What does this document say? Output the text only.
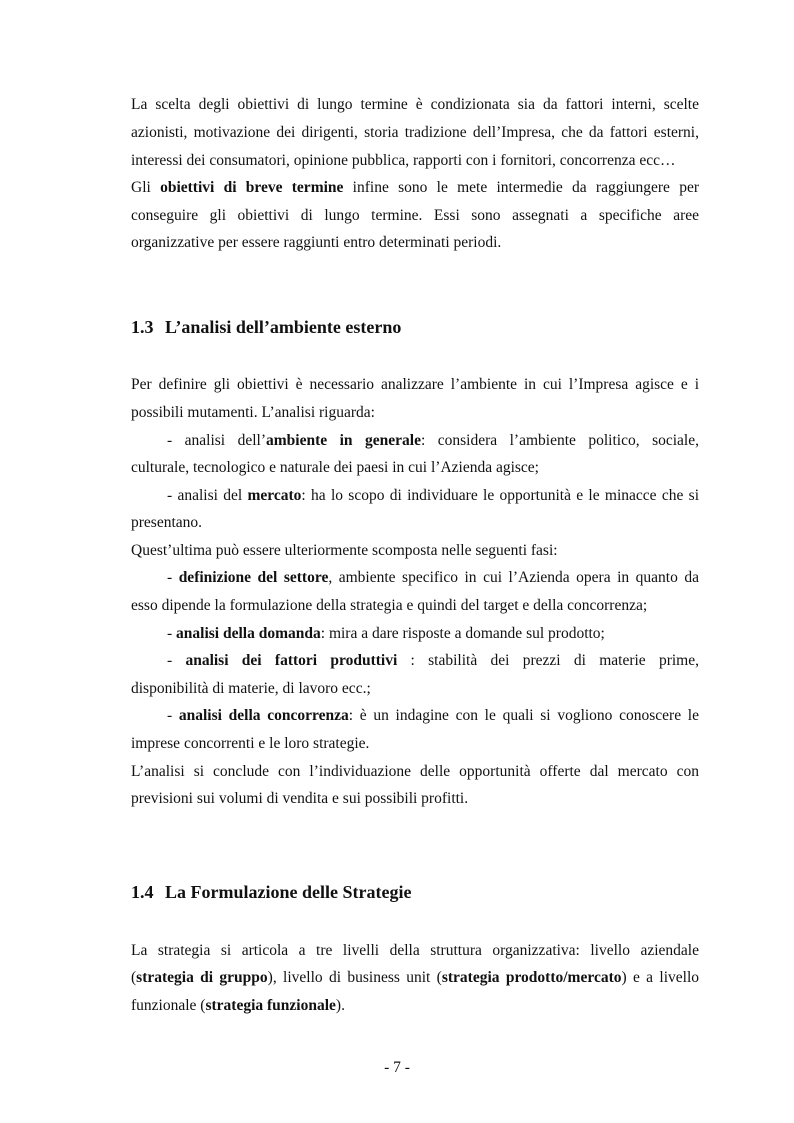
La scelta degli obiettivi di lungo termine è condizionata sia da fattori interni, scelte

azionisti, motivazione dei dirigenti, storia tradizione dell’Impresa, che da fattori esterni,

interessi dei consumatori, opinione pubblica, rapporti con i fornitori, concorrenza ecc…

Gli obiettivi di breve termine infine sono le mete intermedie da raggiungere per

conseguire gli obiettivi di lungo termine. Essi sono assegnati a specifiche aree

organizzative per essere raggiunti entro determinati periodi.

1.3 L’analisi dell’ambiente esterno

Per definire gli obiettivi è necessario analizzare l’ambiente in cui l’Impresa agisce e i

possibili mutamenti. L’analisi riguarda:

- analisi dell’ambiente in generale: considera l’ambiente politico, sociale,

culturale, tecnologico e naturale dei paesi in cui l’Azienda agisce;

- analisi del mercato: ha lo scopo di individuare le opportunità e le minacce che si

presentano.

Quest’ultima può essere ulteriormente scomposta nelle seguenti fasi:

- definizione del settore, ambiente specifico in cui l’Azienda opera in quanto da

esso dipende la formulazione della strategia e quindi del target e della concorrenza;

- analisi della domanda: mira a dare risposte a domande sul prodotto;

- analisi dei fattori produttivi : stabilità dei prezzi di materie prime,

disponibilità di materie, di lavoro ecc.;

- analisi della concorrenza: è un indagine con le quali si vogliono conoscere le

imprese concorrenti e le loro strategie.

L’analisi si conclude con l’individuazione delle opportunità offerte dal mercato con

previsioni sui volumi di vendita e sui possibili profitti.

1.4 La Formulazione delle Strategie

La strategia si articola a tre livelli della struttura organizzativa: livello aziendale

(strategia di gruppo), livello di business unit (strategia prodotto/mercato) e a livello

funzionale (strategia funzionale).

- 7 -
